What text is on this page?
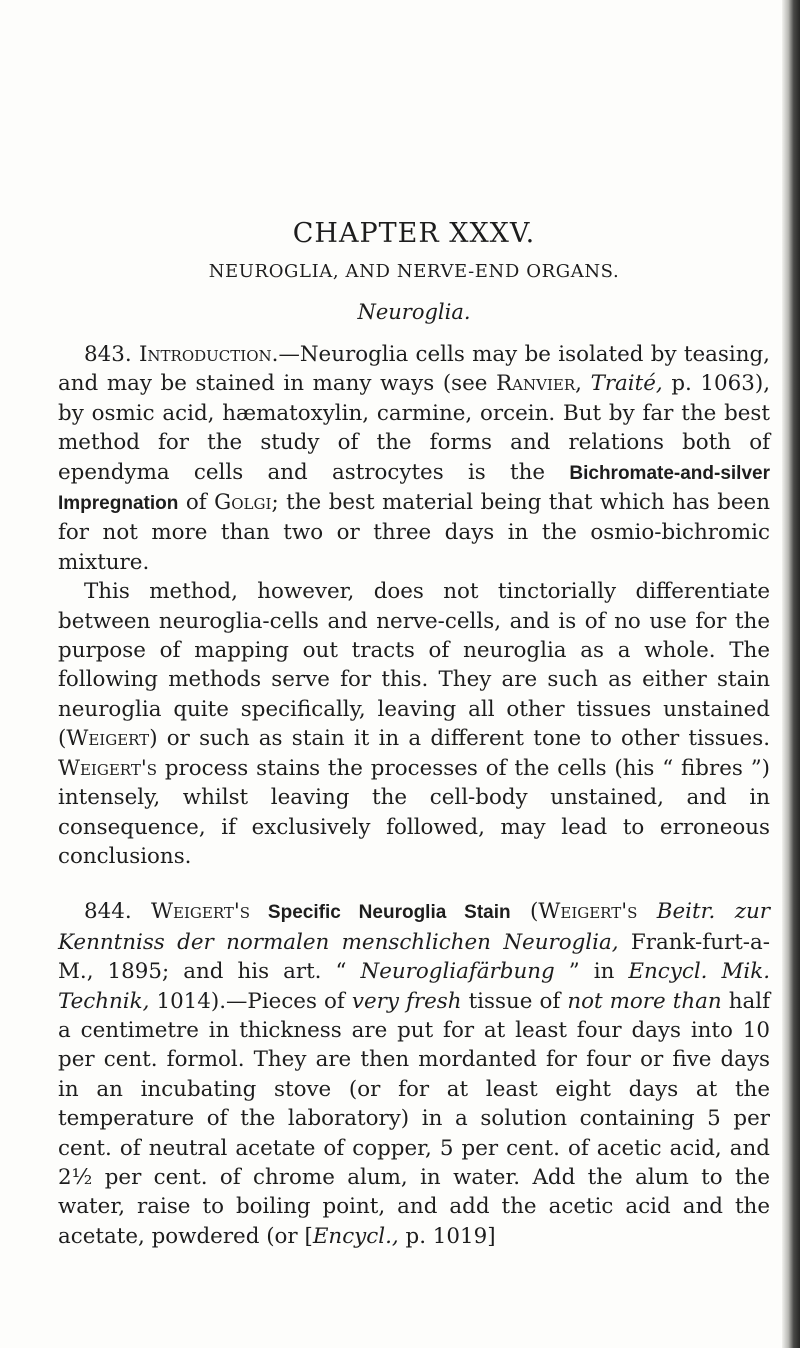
CHAPTER XXXV.
NEUROGLIA, AND NERVE-END ORGANS.
Neuroglia.

843. Introduction.—Neuroglia cells may be isolated by teasing, and may be stained in many ways (see Ranvier, Traité, p. 1063), by osmic acid, hæmatoxylin, carmine, orcein. But by far the best method for the study of the forms and relations both of ependyma cells and astrocytes is the Bichromate-and-silver Impregnation of Golgi; the best material being that which has been for not more than two or three days in the osmio-bichromic mixture.

This method, however, does not tinctorially differentiate between neuroglia-cells and nerve-cells, and is of no use for the purpose of mapping out tracts of neuroglia as a whole. The following methods serve for this. They are such as either stain neuroglia quite specifically, leaving all other tissues unstained (Weigert) or such as stain it in a different tone to other tissues. Weigert's process stains the processes of the cells (his “ fibres ”) intensely, whilst leaving the cell-body unstained, and in consequence, if exclusively followed, may lead to erroneous conclusions.

844. Weigert's Specific Neuroglia Stain (Weigert's Beitr. zur Kenntniss der normalen menschlichen Neuroglia, Frank-furt-a-M., 1895; and his art. “ Neurogliafärbung ” in Encycl. Mik. Technik, 1014).—Pieces of very fresh tissue of not more than half a centimetre in thickness are put for at least four days into 10 per cent. formol. They are then mordanted for four or five days in an incubating stove (or for at least eight days at the temperature of the laboratory) in a solution containing 5 per cent. of neutral acetate of copper, 5 per cent. of acetic acid, and 2½ per cent. of chrome alum, in water. Add the alum to the water, raise to boiling point, and add the acetic acid and the acetate, powdered (or [Encycl., p. 1019]
